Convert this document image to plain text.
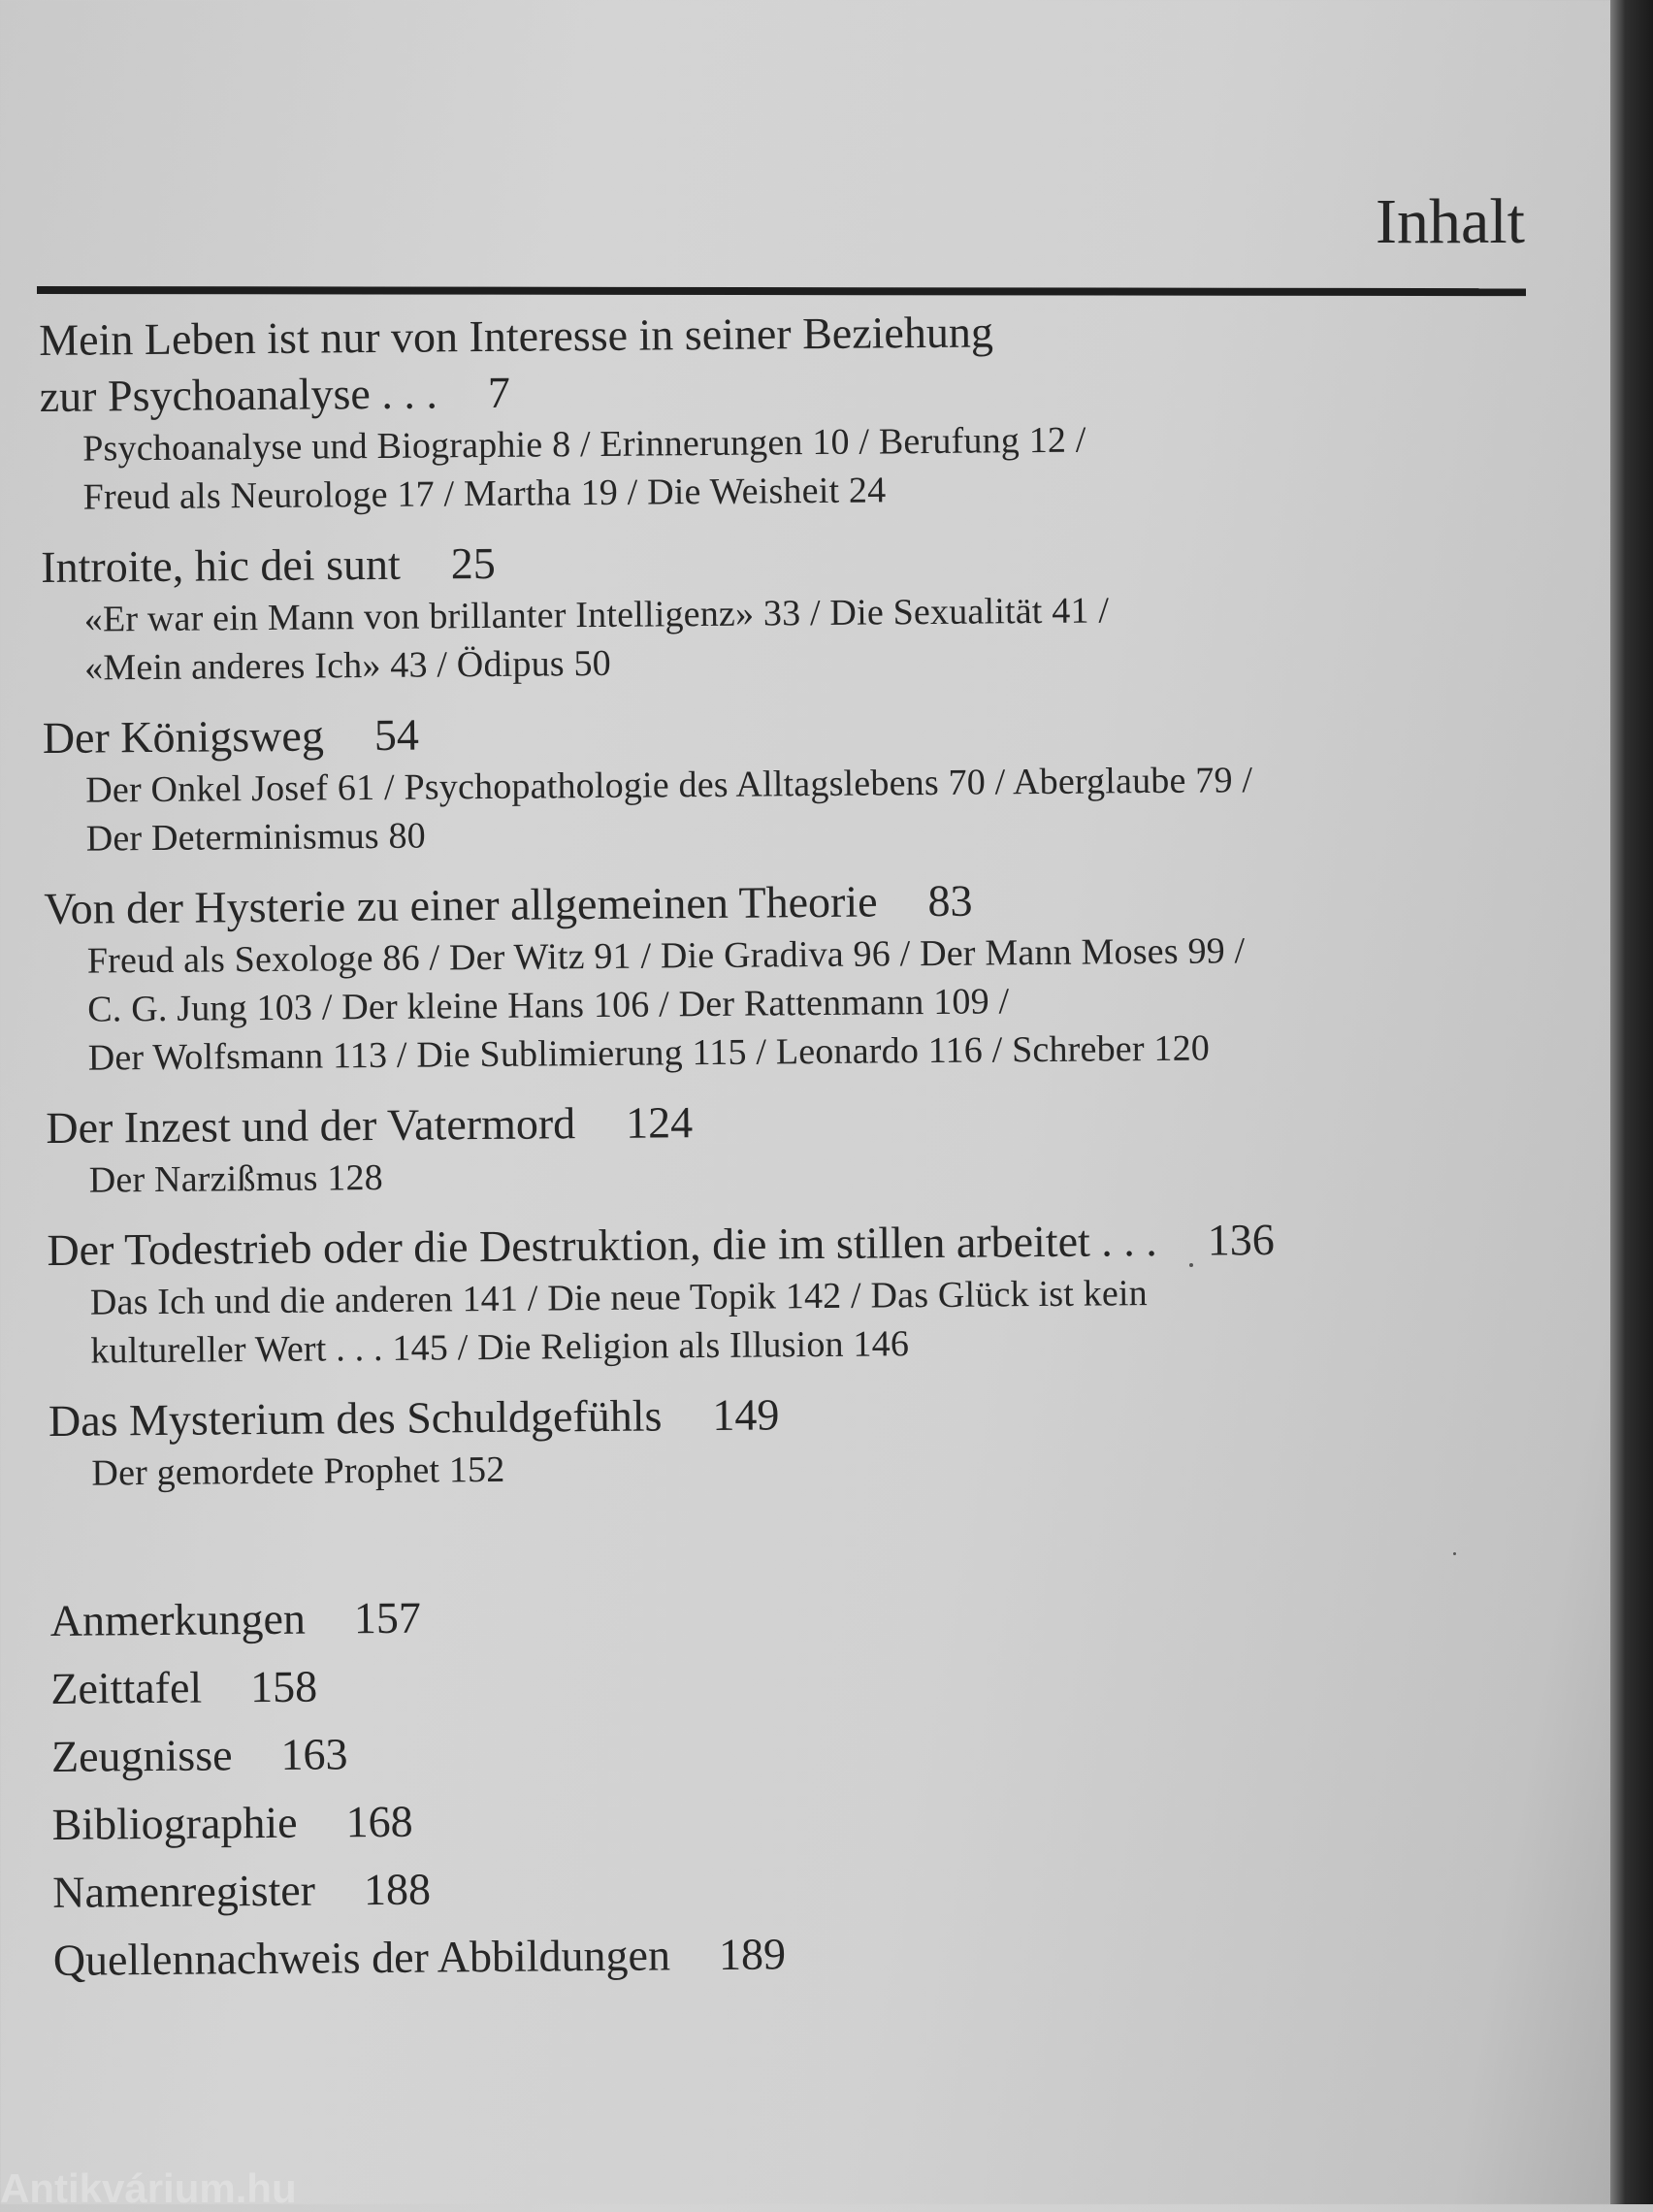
Inhalt

Mein Leben ist nur von Interesse in seiner Beziehung

zur Psychoanalyse . . . 7

Psychoanalyse und Biographie 8 / Erinnerungen 10 / Berufung 12 /

Freud als Neurologe 17 / Martha 19 / Die Weisheit 24

Introite, hic dei sunt 25

«Er war ein Mann von brillanter Intelligenz» 33 / Die Sexualität 41 /

«Mein anderes Ich» 43 / Ödipus 50

Der Königsweg 54

Der Onkel Josef 61 / Psychopathologie des Alltagslebens 70 / Aberglaube 79 /

Der Determinismus 80

Von der Hysterie zu einer allgemeinen Theorie 83

Freud als Sexologe 86 / Der Witz 91 / Die Gradiva 96 / Der Mann Moses 99 /

C. G. Jung 103 / Der kleine Hans 106 / Der Rattenmann 109 /

Der Wolfsmann 113 / Die Sublimierung 115 / Leonardo 116 / Schreber 120

Der Inzest und der Vatermord 124

Der Narzißmus 128

Der Todestrieb oder die Destruktion, die im stillen arbeitet . . . 136

Das Ich und die anderen 141 / Die neue Topik 142 / Das Glück ist kein

kultureller Wert . . . 145 / Die Religion als Illusion 146

Das Mysterium des Schuldgefühls 149

Der gemordete Prophet 152

Anmerkungen 157

Zeittafel 158

Zeugnisse 163

Bibliographie 168

Namenregister 188

Quellennachweis der Abbildungen 189

Antikvárium.hu
